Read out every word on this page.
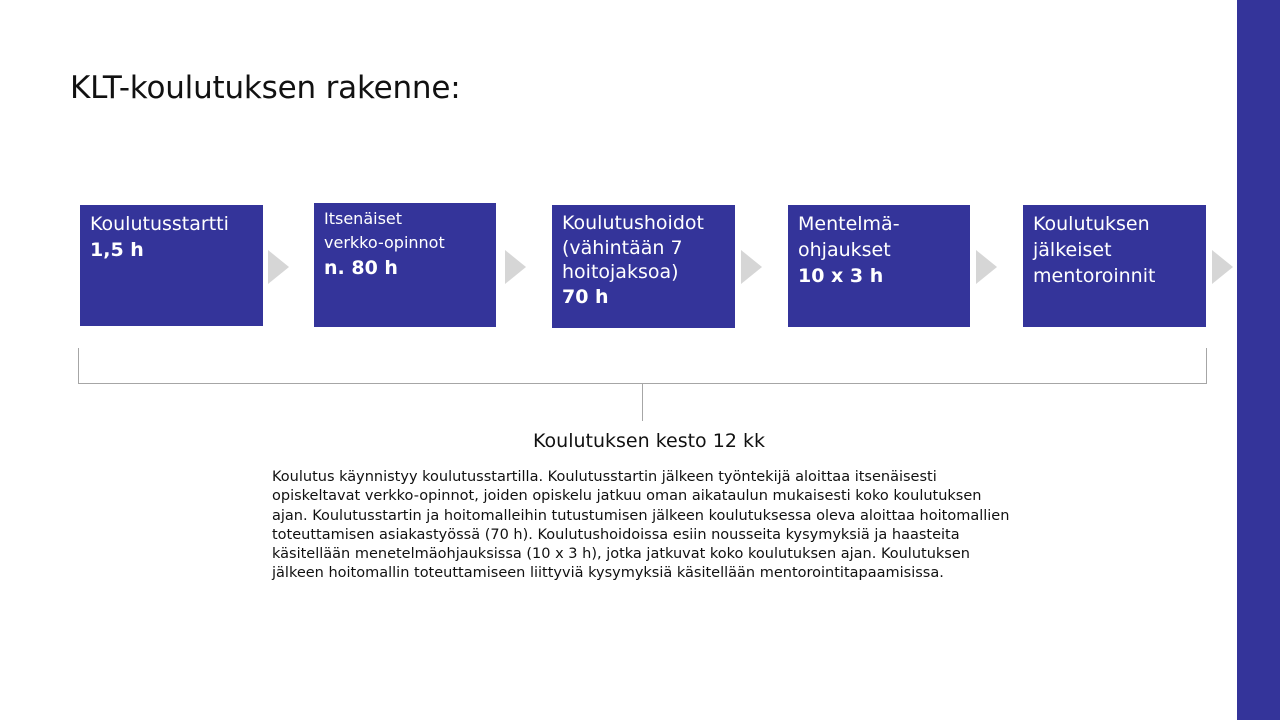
KLT-koulutuksen rakenne:
Koulutusstartti
1,5 h
Itsenäiset
verkko-opinnot
n. 80 h
Koulutushoidot
(vähintään 7
hoitojaksoa)
70 h
Mentelmä-
ohjaukset
10 x 3 h
Koulutuksen
jälkeiset
mentoroinnit
Koulutuksen kesto 12 kk
Koulutus käynnistyy koulutusstartilla. Koulutusstartin jälkeen työntekijä aloittaa itsenäisesti opiskeltavat verkko-opinnot, joiden opiskelu jatkuu oman aikataulun mukaisesti koko koulutuksen ajan. Koulutusstartin ja hoitomalleihin tutustumisen jälkeen koulutuksessa oleva aloittaa hoitomallien toteuttamisen asiakastyössä (70 h). Koulutushoidoissa esiin nousseita kysymyksiä ja haasteita käsitellään menetelmäohjauksissa (10 x 3 h), jotka jatkuvat koko koulutuksen ajan. Koulutuksen jälkeen hoitomallin toteuttamiseen liittyviä kysymyksiä käsitellään mentorointitapaamisissa.
